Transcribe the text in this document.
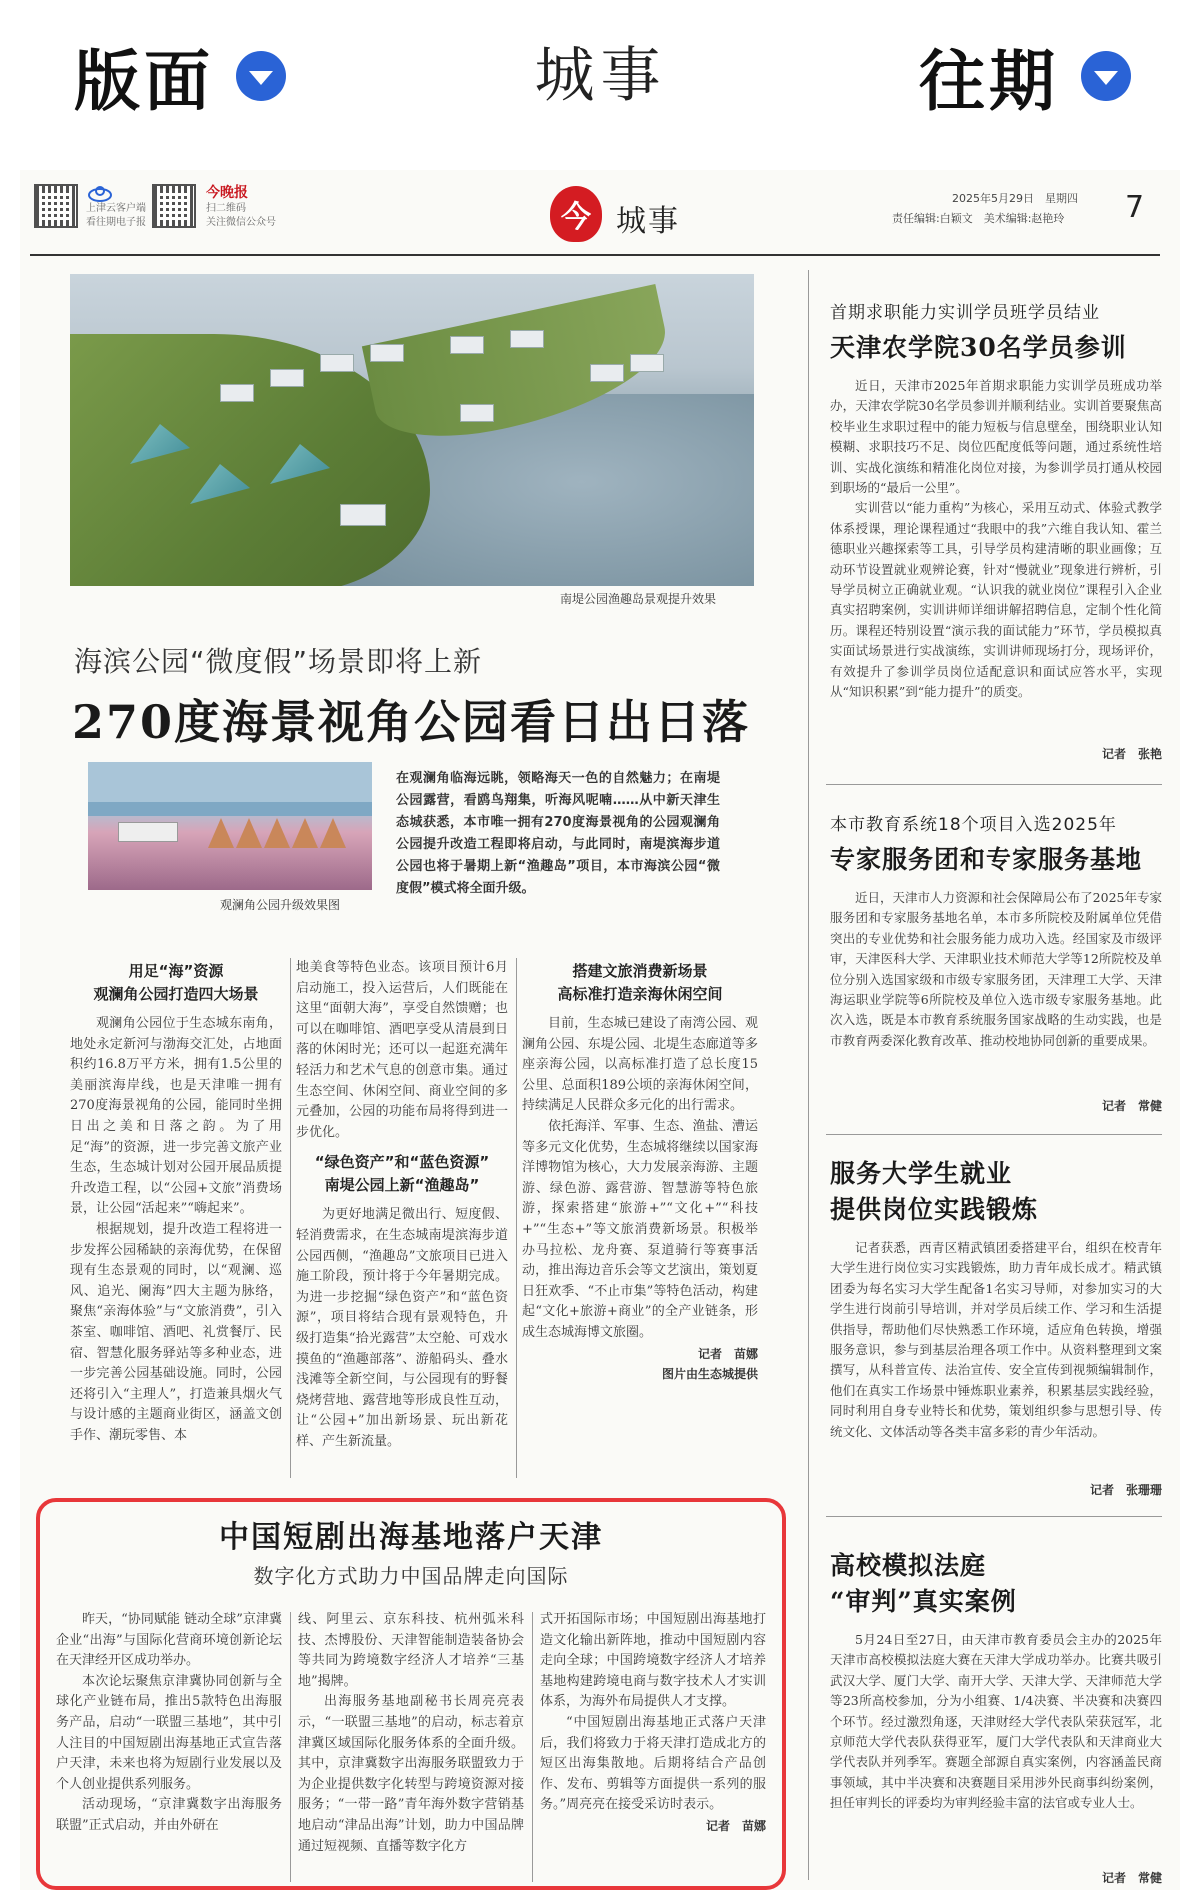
版面	城事	往期
上津云客户端
看往期电子报
今晚报
扫二维码
关注微信公众号	今 城事
2025年5月29日　星期四
责任编辑:白颖文　美术编辑:赵艳玲 7
南堤公园渔趣岛景观提升效果
海滨公园“微度假”场景即将上新
270度海景视角公园看日出日落
观澜角公园升级效果图
在观澜角临海远眺，领略海天一色的自然魅力；在南堤公园露营，看鸥鸟翔集，听海风呢喃……从中新天津生态城获悉，本市唯一拥有270度海景视角的公园观澜角公园提升改造工程即将启动，与此同时，南堤滨海步道公园也将于暑期上新“渔趣岛”项目，本市海滨公园“微度假”模式将全面升级。
用足“海”资源
观澜角公园打造四大场景

观澜角公园位于生态城东南角，地处永定新河与渤海交汇处，占地面积约16.8万平方米，拥有1.5公里的美丽滨海岸线，也是天津唯一拥有270度海景视角的公园，能同时坐拥日出之美和日落之韵。为了用足“海”的资源，进一步完善文旅产业生态，生态城计划对公园开展品质提升改造工程，以“公园+文旅”消费场景，让公园“活起来”“嗨起来”。

根据规划，提升改造工程将进一步发挥公园稀缺的亲海优势，在保留现有生态景观的同时，以“观澜、巡风、追光、阑海”四大主题为脉络，聚焦“亲海体验”与“文旅消费”，引入茶室、咖啡馆、酒吧、礼赏餐厅、民宿、智慧化服务驿站等多种业态，进一步完善公园基础设施。同时，公园还将引入“主理人”，打造兼具烟火气与设计感的主题商业街区，涵盖文创手作、潮玩零售、本

地美食等特色业态。该项目预计6月启动施工，投入运营后，人们既能在这里“面朝大海”，享受自然馈赠；也可以在咖啡馆、酒吧享受从清晨到日落的休闲时光；还可以一起逛充满年轻活力和艺术气息的创意市集。通过生态空间、休闲空间、商业空间的多元叠加，公园的功能布局将得到进一步优化。

“绿色资产”和“蓝色资源”
南堤公园上新“渔趣岛”

为更好地满足微出行、短度假、轻消费需求，在生态城南堤滨海步道公园西侧，“渔趣岛”文旅项目已进入施工阶段，预计将于今年暑期完成。为进一步挖掘“绿色资产”和“蓝色资源”，项目将结合现有景观特色，升级打造集“拾光露营”太空舱、可戏水摸鱼的“渔趣部落”、游船码头、叠水浅滩等全新空间，与公园现有的野餐烧烤营地、露营地等形成良性互动，让“公园+”加出新场景、玩出新花样、产生新流量。

搭建文旅消费新场景
高标准打造亲海休闲空间

目前，生态城已建设了南湾公园、观澜角公园、东堤公园、北堤生态廊道等多座亲海公园，以高标准打造了总长度15公里、总面积189公顷的亲海休闲空间，持续满足人民群众多元化的出行需求。

依托海洋、军事、生态、渔盐、漕运等多元文化优势，生态城将继续以国家海洋博物馆为核心，大力发展亲海游、主题游、绿色游、露营游、智慧游等特色旅游，探索搭建“旅游+”“文化+”“科技+”“生态+”等文旅消费新场景。积极举办马拉松、龙舟赛、泵道骑行等赛事活动，推出海边音乐会等文艺演出，策划夏日狂欢季、“不止市集”等特色活动，构建起“文化+旅游+商业”的全产业链条，形成生态城海博文旅圈。

记者　苗娜
图片由生态城提供
首期求职能力实训学员班学员结业
天津农学院30名学员参训

近日，天津市2025年首期求职能力实训学员班成功举办，天津农学院30名学员参训并顺利结业。实训首要聚焦高校毕业生求职过程中的能力短板与信息壁垒，围绕职业认知模糊、求职技巧不足、岗位匹配度低等问题，通过系统性培训、实战化演练和精准化岗位对接，为参训学员打通从校园到职场的“最后一公里”。

实训营以“能力重构”为核心，采用互动式、体验式教学体系授课，理论课程通过“我眼中的我”六维自我认知、霍兰德职业兴趣探索等工具，引导学员构建清晰的职业画像；互动环节设置就业观辨论赛，针对“慢就业”现象进行辨析，引导学员树立正确就业观。“认识我的就业岗位”课程引入企业真实招聘案例，实训讲师详细讲解招聘信息，定制个性化简历。课程还特别设置“演示我的面试能力”环节，学员模拟真实面试场景进行实战演练，实训讲师现场打分，现场评价，有效提升了参训学员岗位适配意识和面试应答水平，实现从“知识积累”到“能力提升”的质变。

记者　张艳
本市教育系统18个项目入选2025年
专家服务团和专家服务基地

近日，天津市人力资源和社会保障局公布了2025年专家服务团和专家服务基地名单，本市多所院校及附属单位凭借突出的专业优势和社会服务能力成功入选。经国家及市级评审，天津医科大学、天津职业技术师范大学等12所院校及单位分别入选国家级和市级专家服务团，天津理工大学、天津海运职业学院等6所院校及单位入选市级专家服务基地。此次入选，既是本市教育系统服务国家战略的生动实践，也是市教育两委深化教育改革、推动校地协同创新的重要成果。

记者　常健
服务大学生就业
提供岗位实践锻炼

记者获悉，西青区精武镇团委搭建平台，组织在校青年大学生进行岗位实习实践锻炼，助力青年成长成才。精武镇团委为每名实习大学生配备1名实习导师，对参加实习的大学生进行岗前引导培训，并对学员后续工作、学习和生活提供指导，帮助他们尽快熟悉工作环境，适应角色转换，增强服务意识，参与到基层治理各项工作中。从资料整理到文案撰写，从科普宣传、法治宣传、安全宣传到视频编辑制作，他们在真实工作场景中锤炼职业素养，积累基层实践经验，同时利用自身专业特长和优势，策划组织参与思想引导、传统文化、文体活动等各类丰富多彩的青少年活动。

记者　张珊珊
高校模拟法庭
“审判”真实案例

5月24日至27日，由天津市教育委员会主办的2025年天津市高校模拟法庭大赛在天津大学成功举办。比赛共吸引武汉大学、厦门大学、南开大学、天津大学、天津师范大学等23所高校参加，分为小组赛、1/4决赛、半决赛和决赛四个环节。经过激烈角逐，天津财经大学代表队荣获冠军，北京师范大学代表队获得亚军，厦门大学代表队和天津商业大学代表队并列季军。赛题全部源自真实案例，内容涵盖民商事领域，其中半决赛和决赛题目采用涉外民商事纠纷案例，担任审判长的评委均为审判经验丰富的法官或专业人士。

记者　常健
中国短剧出海基地落户天津
数字化方式助力中国品牌走向国际

昨天，“协同赋能 链动全球”京津冀企业“出海”与国际化营商环境创新论坛在天津经开区成功举办。

本次论坛聚焦京津冀协同创新与全球化产业链布局，推出5款特色出海服务产品，启动“一联盟三基地”，其中引人注目的中国短剧出海基地正式宣告落户天津，未来也将为短剧行业发展以及个人创业提供系列服务。

活动现场，“京津冀数字出海服务联盟”正式启动，并由外研在

线、阿里云、京东科技、杭州弧米科技、杰博股份、天津智能制造装备协会等共同为跨境数字经济人才培养“三基地”揭牌。

出海服务基地副秘书长周亮亮表示，“一联盟三基地”的启动，标志着京津冀区域国际化服务体系的全面升级。其中，京津冀数字出海服务联盟致力于为企业提供数字化转型与跨境资源对接服务；“一带一路”青年海外数字营销基地启动“津品出海”计划，助力中国品牌通过短视频、直播等数字化方

式开拓国际市场；中国短剧出海基地打造文化输出新阵地，推动中国短剧内容走向全球；中国跨境数字经济人才培养基地构建跨境电商与数字技术人才实训体系，为海外布局提供人才支撑。

“中国短剧出海基地正式落户天津后，我们将致力于将天津打造成北方的短区出海集散地。后期将结合产品创作、发布、剪辑等方面提供一系列的服务。”周亮亮在接受采访时表示。

记者　苗娜
